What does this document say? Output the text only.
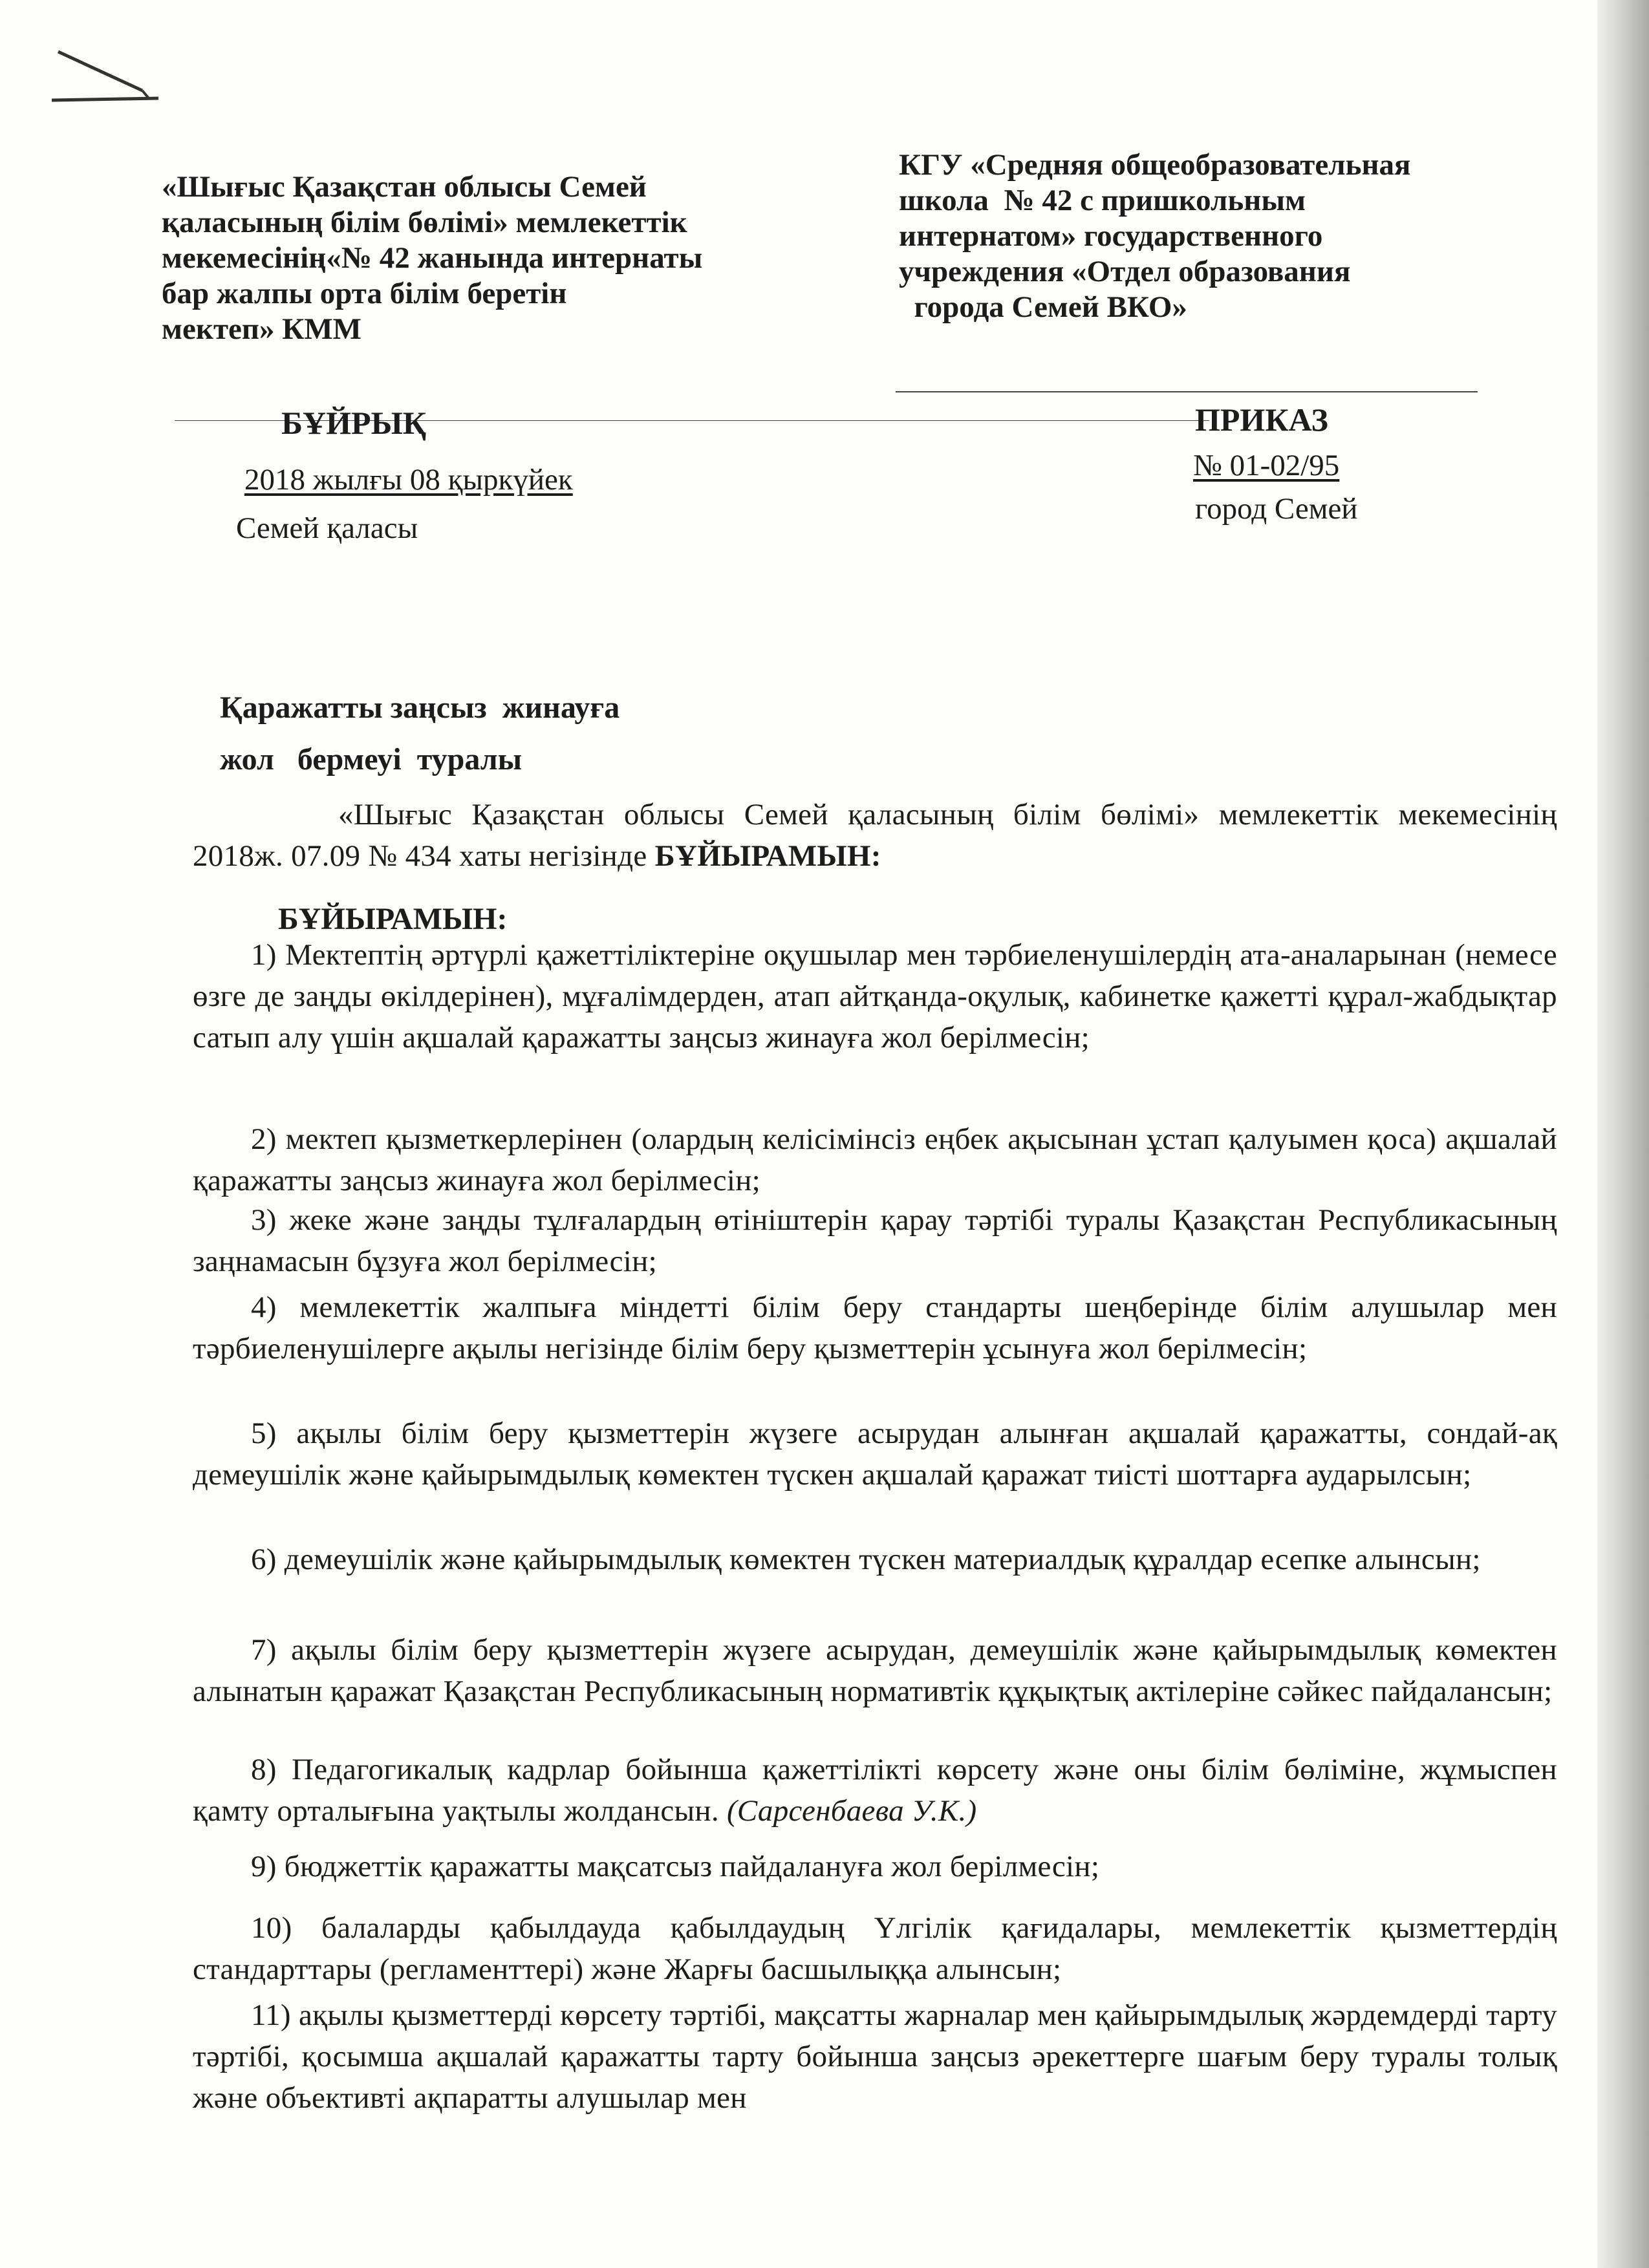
«Шығыс Қазақстан облысы Семей
қаласының білім бөлімі» мемлекеттік
мекемесінің«№ 42 жанында интернаты
бар жалпы орта білім беретін
мектеп» КММ
КГУ «Средняя общеобразовательная
школа  № 42 с пришкольным
интернатом» государственного
учреждения «Отдел образования
города Семей ВКО»
БҰЙРЫҚ
2018 жылғы 08 қыркүйек
Семей қаласы
ПРИКАЗ
№ 01-02/95
город Семей
Қаражатты заңсыз  жинауға
жол   бермеуі  туралы
«Шығыс Қазақстан облысы Семей қаласының білім бөлімі» мемлекеттік мекемесінің 2018ж. 07.09 № 434 хаты негізінде БҰЙЫРАМЫН:
БҰЙЫРАМЫН:
1) Мектептің әртүрлі қажеттіліктеріне оқушылар мен тәрбиеленушілердің ата-аналарынан (немесе өзге де заңды өкілдерінен), мұғалімдерден, атап айтқанда-оқулық, кабинетке қажетті құрал-жабдықтар сатып алу үшін ақшалай қаражатты заңсыз жинауға жол берілмесін;
2) мектеп қызметкерлерінен (олардың келісімінсіз еңбек ақысынан ұстап қалуымен қоса) ақшалай қаражатты заңсыз жинауға жол берілмесін;
3) жеке және заңды тұлғалардың өтініштерін қарау тәртібі туралы Қазақстан Республикасының заңнамасын бұзуға жол берілмесін;
4) мемлекеттік жалпыға міндетті білім беру стандарты шеңберінде білім алушылар мен тәрбиеленушілерге ақылы негізінде білім беру қызметтерін ұсынуға жол берілмесін;
5) ақылы білім беру қызметтерін жүзеге асырудан алынған ақшалай қаражатты, сондай-ақ демеушілік және қайырымдылық көмектен түскен ақшалай қаражат тиісті шоттарға аударылсын;
6) демеушілік және қайырымдылық көмектен түскен материалдық құралдар есепке алынсын;
7) ақылы білім беру қызметтерін жүзеге асырудан, демеушілік және қайырымдылық көмектен алынатын қаражат Қазақстан Республикасының нормативтік құқықтық актілеріне сәйкес пайдалансын;
8) Педагогикалық кадрлар бойынша қажеттілікті көрсету және оны білім бөліміне, жұмыспен қамту орталығына уақтылы жолдансын. (Сарсенбаева У.К.)
9) бюджеттік қаражатты мақсатсыз пайдалануға жол берілмесін;
10) балаларды қабылдауда қабылдаудың Үлгілік қағидалары, мемлекеттік қызметтердің стандарттары (регламенттері) және Жарғы басшылыққа алынсын;
11) ақылы қызметтерді көрсету тәртібі, мақсатты жарналар мен қайырымдылық жәрдемдерді тарту тәртібі, қосымша ақшалай қаражатты тарту бойынша заңсыз әрекеттерге шағым беру туралы толық және объективті ақпаратты алушылар мен
